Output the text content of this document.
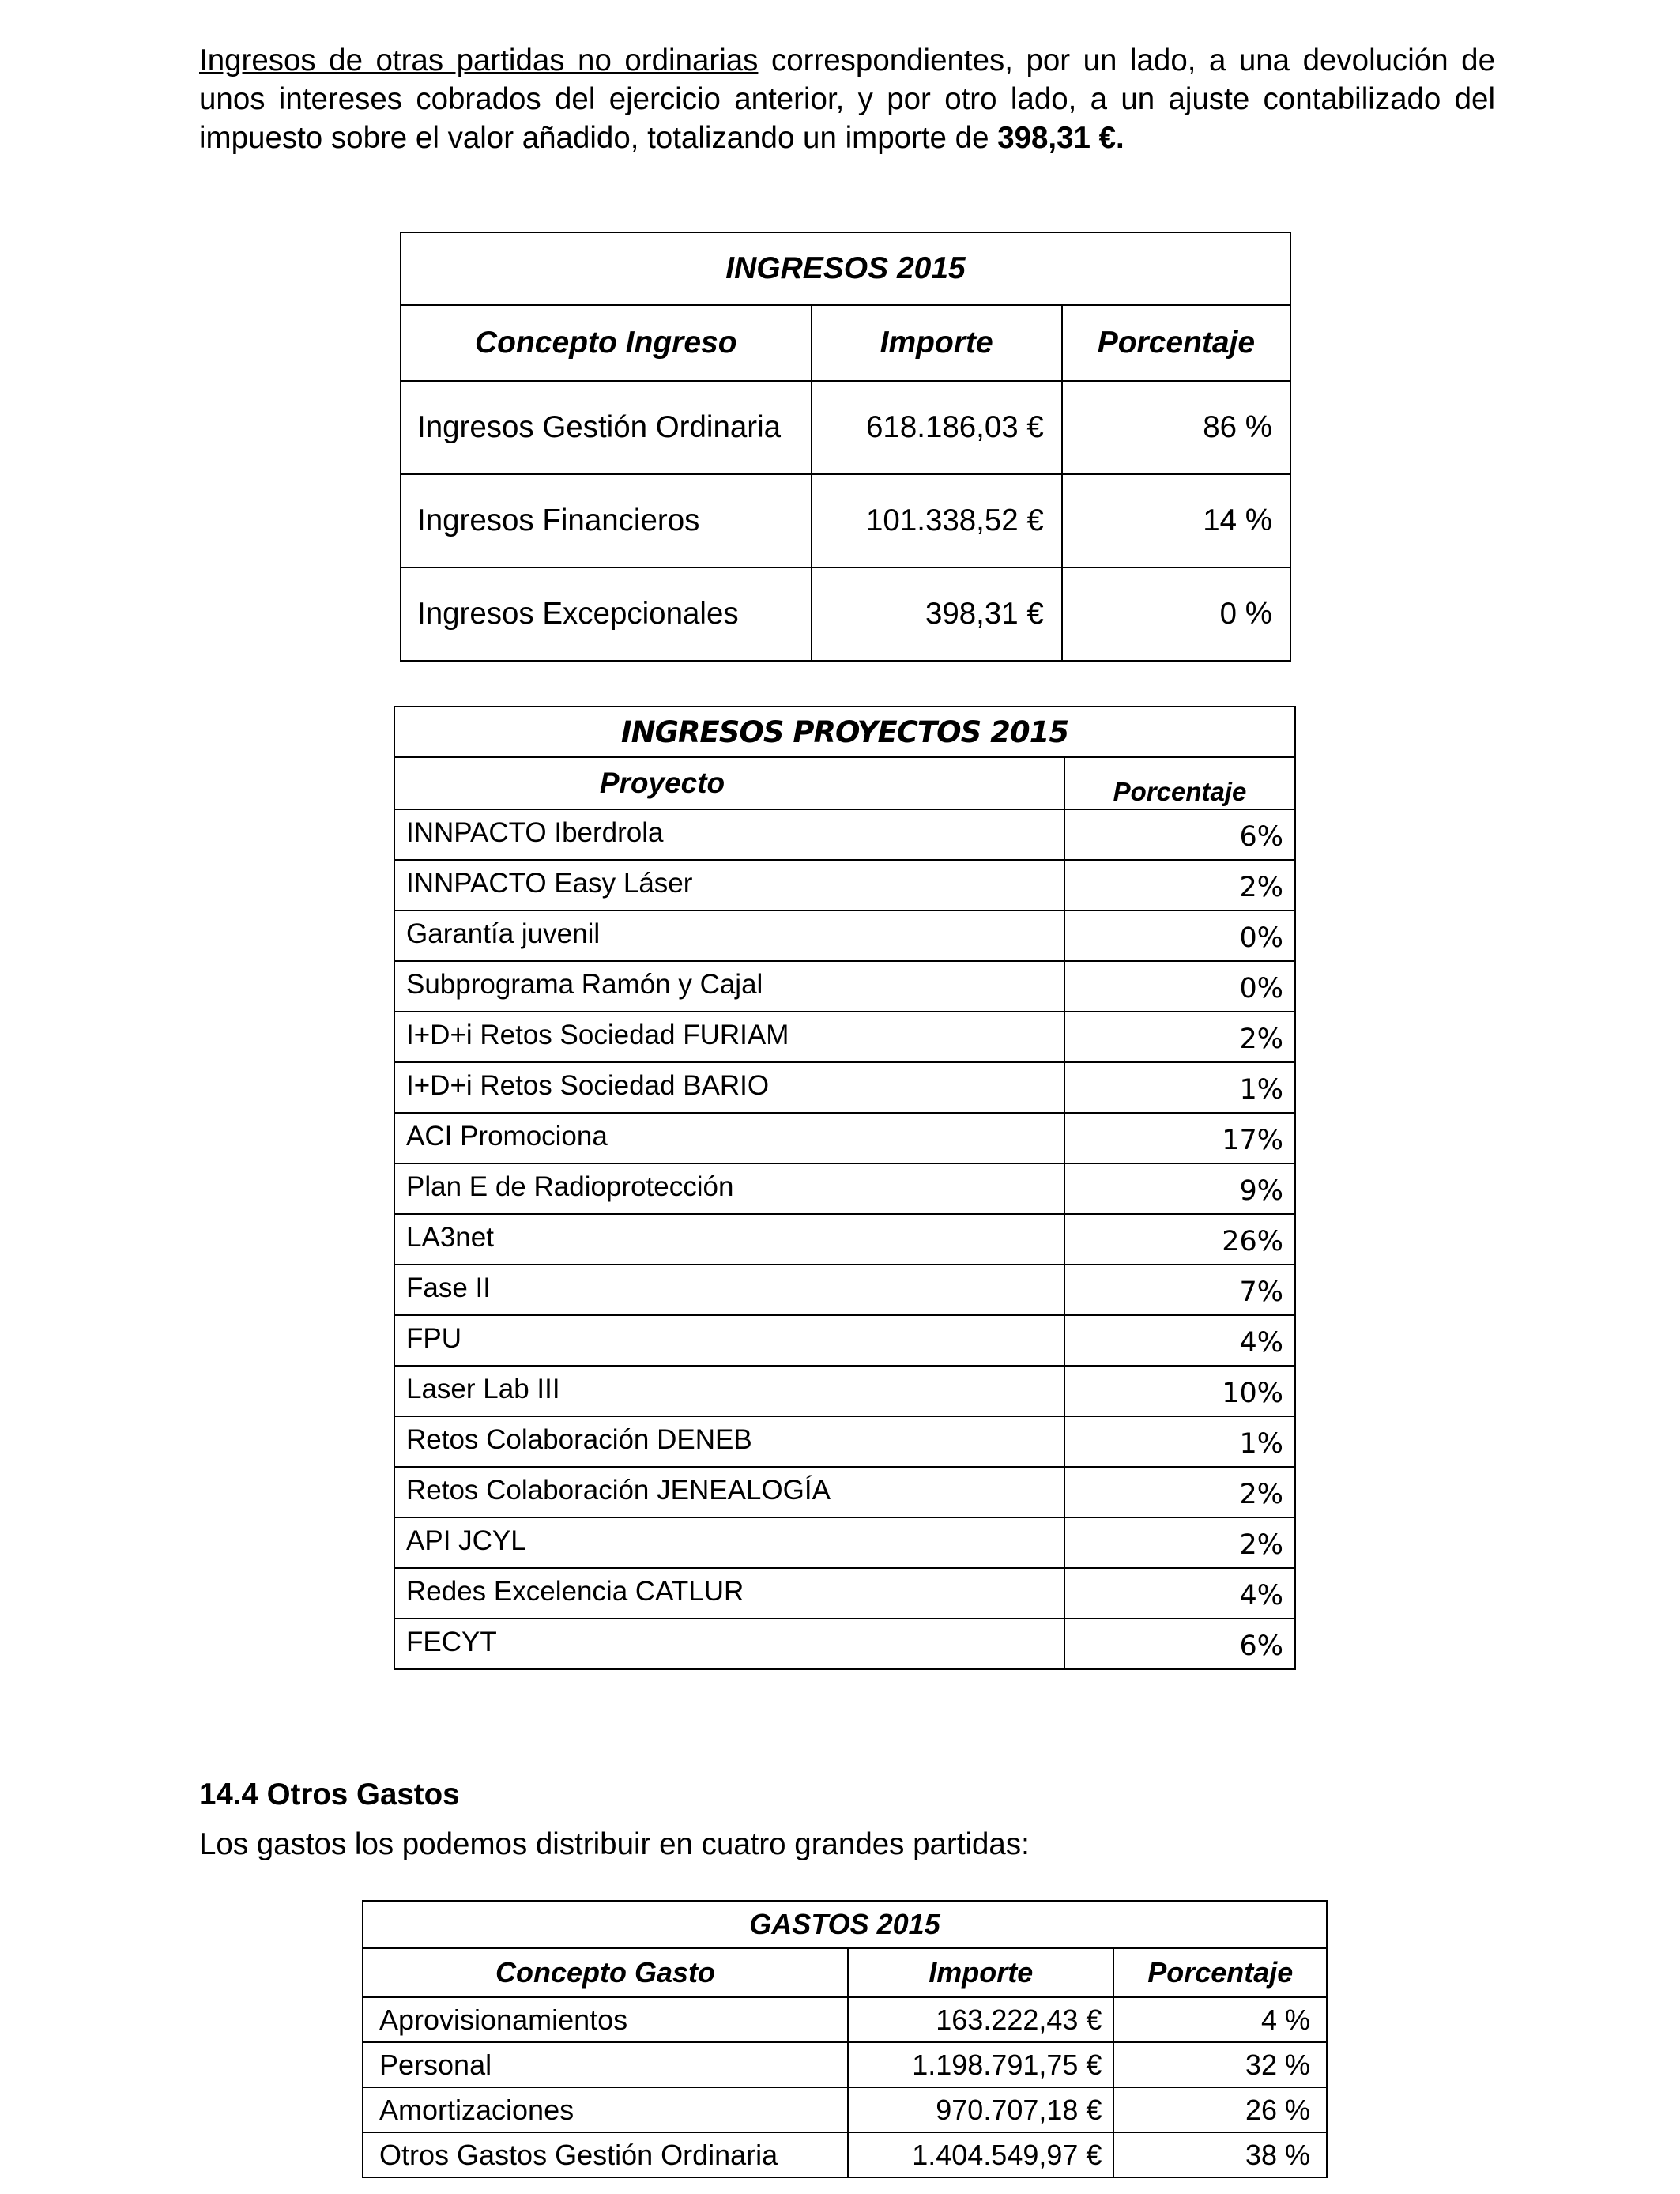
Ingresos de otras partidas no ordinarias correspondientes, por un lado, a una devolución de unos intereses cobrados del ejercicio anterior, y por otro lado, a un ajuste contabilizado del impuesto sobre el valor añadido, totalizando un importe de 398,31 €.

INGRESOS 2015		
Concepto Ingreso	Importe	Porcentaje
Ingresos Gestión Ordinaria	618.186,03 €	86 %
Ingresos Financieros	101.338,52 €	14 %
Ingresos Excepcionales	398,31 €	0 %
INGRESOS PROYECTOS 2015	
Proyecto	Porcentaje
INNPACTO Iberdrola	6%
INNPACTO Easy Láser	2%
Garantía juvenil	0%
Subprograma Ramón y Cajal	0%
I+D+i Retos Sociedad FURIAM	2%
I+D+i Retos Sociedad BARIO	1%
ACI Promociona	17%
Plan E de Radioprotección	9%
LA3net	26%
Fase II	7%
FPU	4%
Laser Lab III	10%
Retos Colaboración DENEB	1%
Retos Colaboración JENEALOGÍA	2%
API JCYL	2%
Redes Excelencia CATLUR	4%
FECYT	6%
14.4 Otros Gastos

Los gastos los podemos distribuir en cuatro grandes partidas:

GASTOS 2015		
Concepto Gasto	Importe	Porcentaje
Aprovisionamientos	163.222,43 €	4 %
Personal	1.198.791,75 €	32 %
Amortizaciones	970.707,18 €	26 %
Otros Gastos Gestión Ordinaria	1.404.549,97 €	38 %
